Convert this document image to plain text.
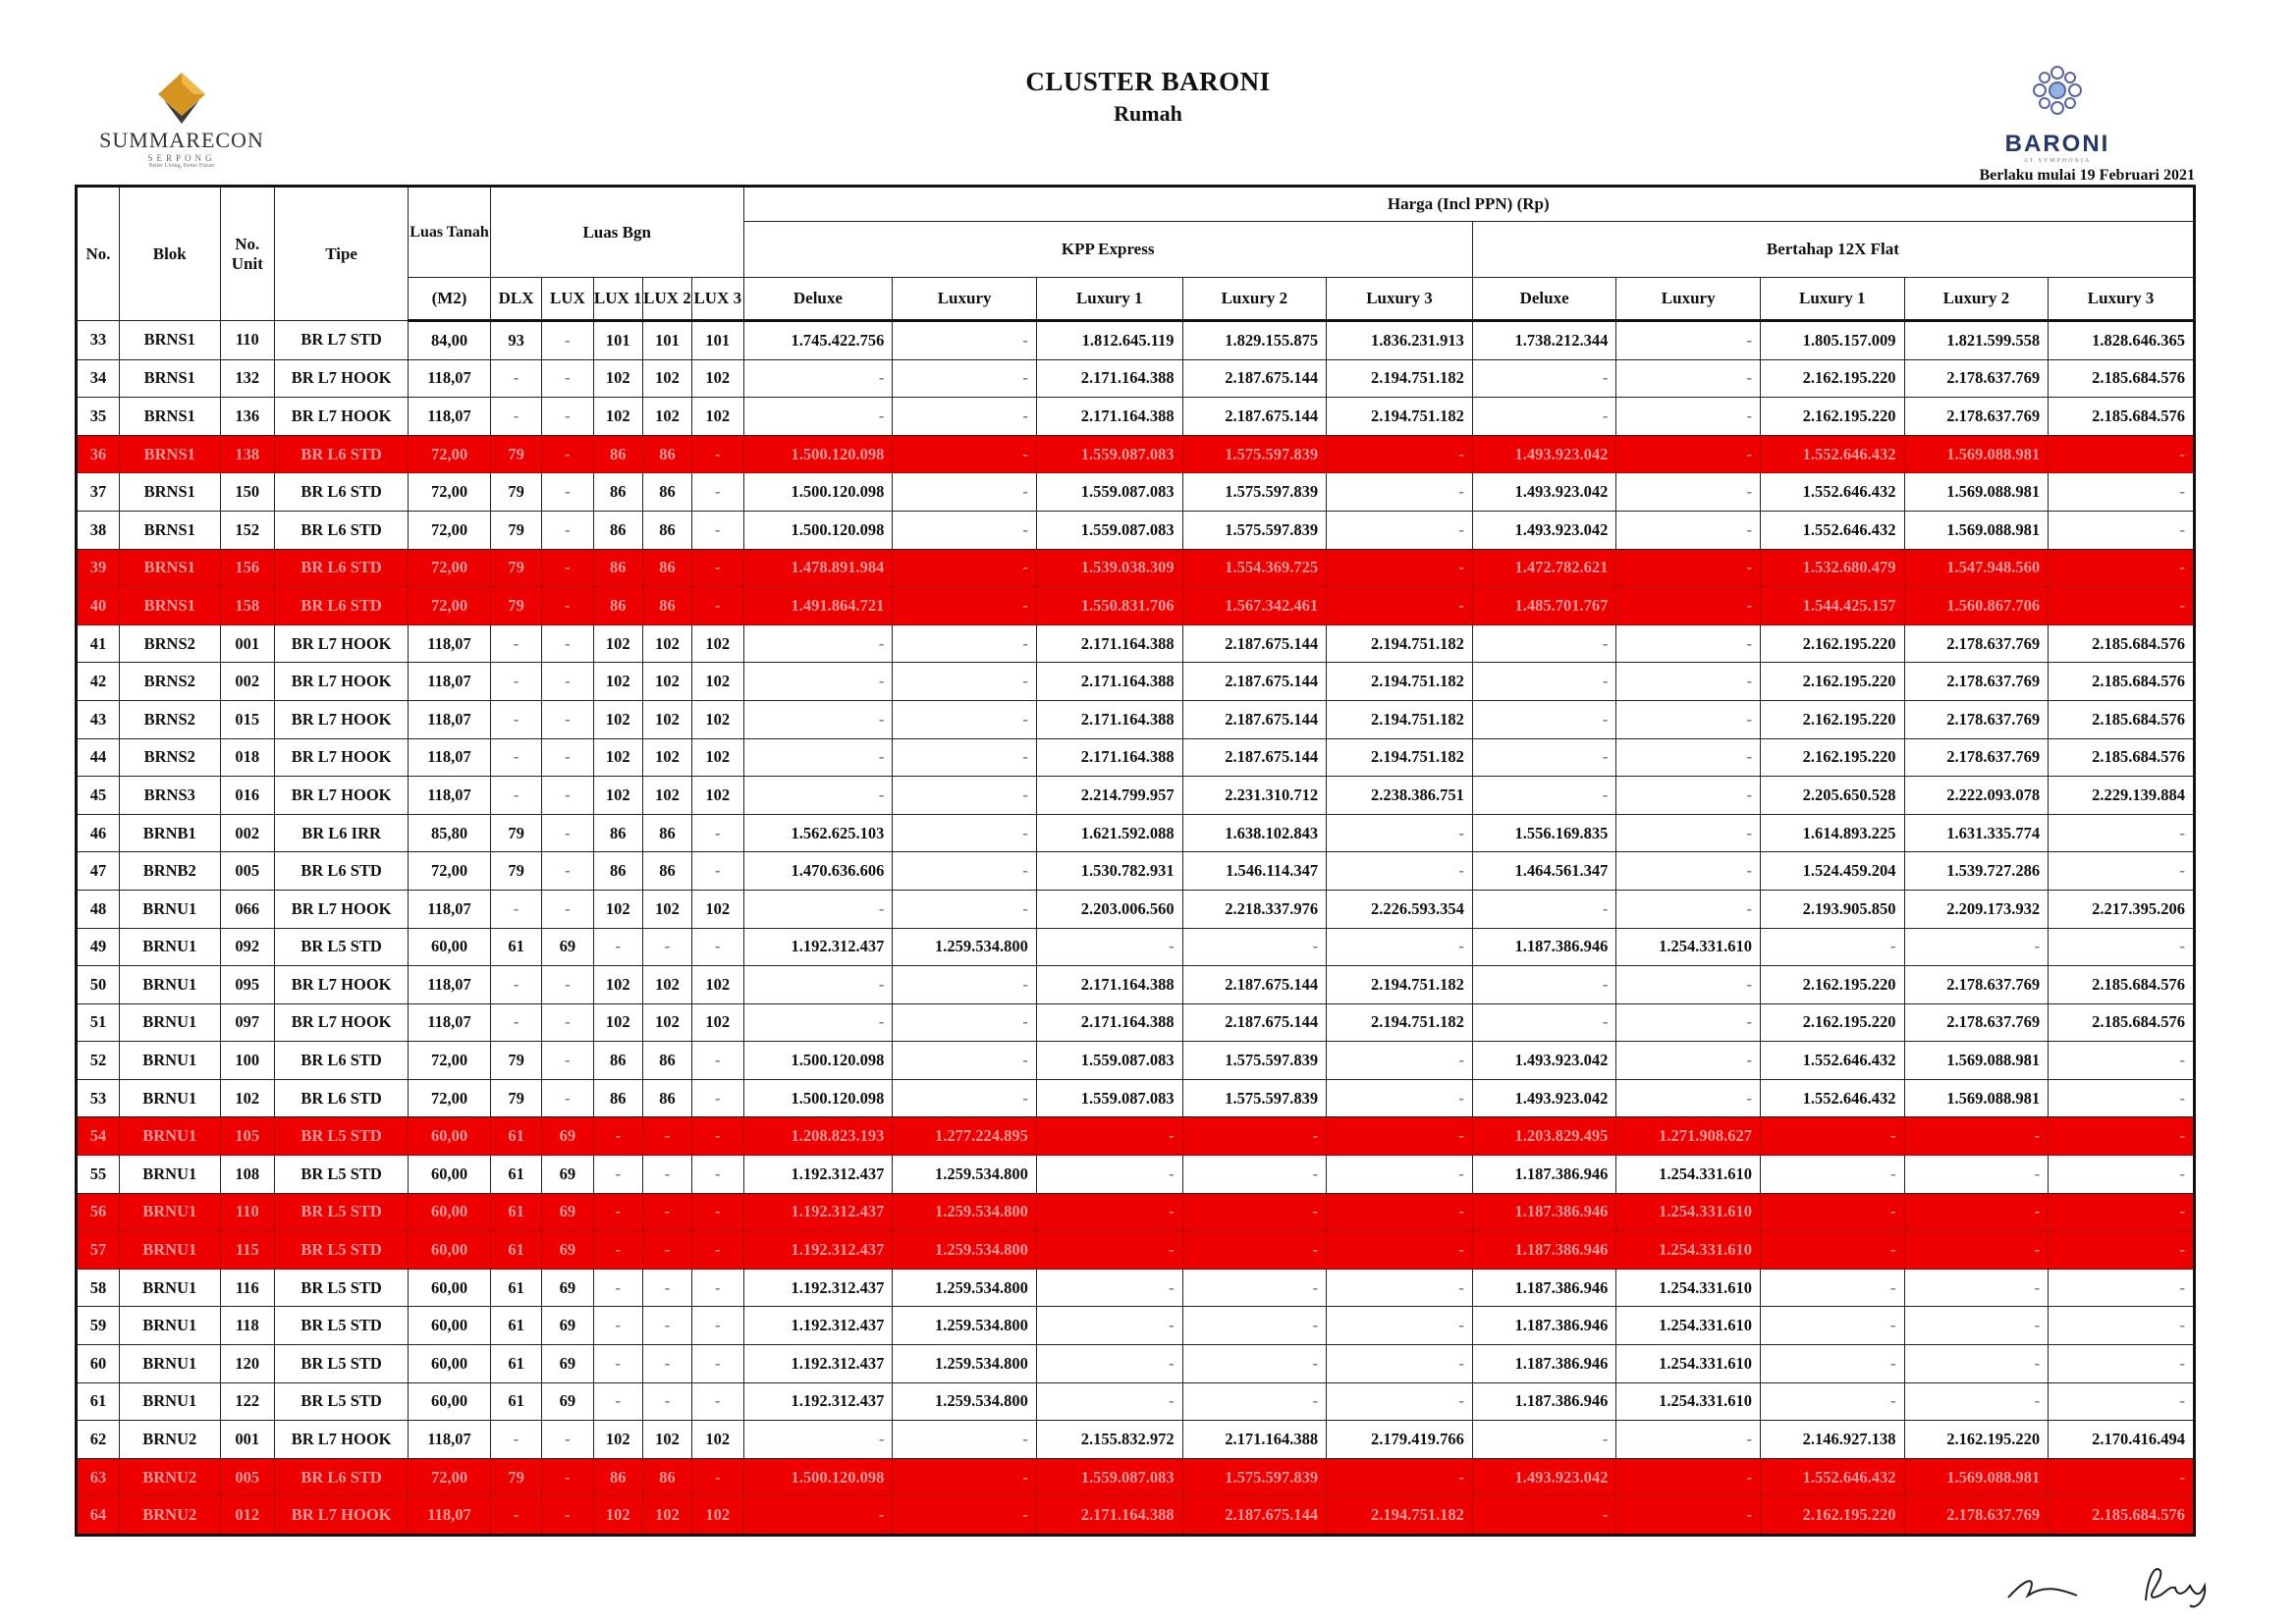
SUMMARECON
SERPONG
Better Living, Better Future
CLUSTER BARONI
Rumah
BARONI
AT SYMPHONIA
Berlaku mulai 19 Februari 2021
No.	Blok	No. Unit	Tipe	Luas Tanah	Luas Bgn					Harga (Incl PPN) (Rp)									
										KPP Express					Bertahap 12X Flat				
				(M2)	DLX	LUX	LUX 1	LUX 2	LUX 3	Deluxe	Luxury	Luxury 1	Luxury 2	Luxury 3	Deluxe	Luxury	Luxury 1	Luxury 2	Luxury 3
33	BRNS1	110	BR L7 STD	84,00	93	-	101	101	101	1.745.422.756	-	1.812.645.119	1.829.155.875	1.836.231.913	1.738.212.344	-	1.805.157.009	1.821.599.558	1.828.646.365
34	BRNS1	132	BR L7 HOOK	118,07	-	-	102	102	102	-	-	2.171.164.388	2.187.675.144	2.194.751.182	-	-	2.162.195.220	2.178.637.769	2.185.684.576
35	BRNS1	136	BR L7 HOOK	118,07	-	-	102	102	102	-	-	2.171.164.388	2.187.675.144	2.194.751.182	-	-	2.162.195.220	2.178.637.769	2.185.684.576
36	BRNS1	138	BR L6 STD	72,00	79	-	86	86	-	1.500.120.098	-	1.559.087.083	1.575.597.839	-	1.493.923.042	-	1.552.646.432	1.569.088.981	-
37	BRNS1	150	BR L6 STD	72,00	79	-	86	86	-	1.500.120.098	-	1.559.087.083	1.575.597.839	-	1.493.923.042	-	1.552.646.432	1.569.088.981	-
38	BRNS1	152	BR L6 STD	72,00	79	-	86	86	-	1.500.120.098	-	1.559.087.083	1.575.597.839	-	1.493.923.042	-	1.552.646.432	1.569.088.981	-
39	BRNS1	156	BR L6 STD	72,00	79	-	86	86	-	1.478.891.984	-	1.539.038.309	1.554.369.725	-	1.472.782.621	-	1.532.680.479	1.547.948.560	-
40	BRNS1	158	BR L6 STD	72,00	79	-	86	86	-	1.491.864.721	-	1.550.831.706	1.567.342.461	-	1.485.701.767	-	1.544.425.157	1.560.867.706	-
41	BRNS2	001	BR L7 HOOK	118,07	-	-	102	102	102	-	-	2.171.164.388	2.187.675.144	2.194.751.182	-	-	2.162.195.220	2.178.637.769	2.185.684.576
42	BRNS2	002	BR L7 HOOK	118,07	-	-	102	102	102	-	-	2.171.164.388	2.187.675.144	2.194.751.182	-	-	2.162.195.220	2.178.637.769	2.185.684.576
43	BRNS2	015	BR L7 HOOK	118,07	-	-	102	102	102	-	-	2.171.164.388	2.187.675.144	2.194.751.182	-	-	2.162.195.220	2.178.637.769	2.185.684.576
44	BRNS2	018	BR L7 HOOK	118,07	-	-	102	102	102	-	-	2.171.164.388	2.187.675.144	2.194.751.182	-	-	2.162.195.220	2.178.637.769	2.185.684.576
45	BRNS3	016	BR L7 HOOK	118,07	-	-	102	102	102	-	-	2.214.799.957	2.231.310.712	2.238.386.751	-	-	2.205.650.528	2.222.093.078	2.229.139.884
46	BRNB1	002	BR L6 IRR	85,80	79	-	86	86	-	1.562.625.103	-	1.621.592.088	1.638.102.843	-	1.556.169.835	-	1.614.893.225	1.631.335.774	-
47	BRNB2	005	BR L6 STD	72,00	79	-	86	86	-	1.470.636.606	-	1.530.782.931	1.546.114.347	-	1.464.561.347	-	1.524.459.204	1.539.727.286	-
48	BRNU1	066	BR L7 HOOK	118,07	-	-	102	102	102	-	-	2.203.006.560	2.218.337.976	2.226.593.354	-	-	2.193.905.850	2.209.173.932	2.217.395.206
49	BRNU1	092	BR L5 STD	60,00	61	69	-	-	-	1.192.312.437	1.259.534.800	-	-	-	1.187.386.946	1.254.331.610	-	-	-
50	BRNU1	095	BR L7 HOOK	118,07	-	-	102	102	102	-	-	2.171.164.388	2.187.675.144	2.194.751.182	-	-	2.162.195.220	2.178.637.769	2.185.684.576
51	BRNU1	097	BR L7 HOOK	118,07	-	-	102	102	102	-	-	2.171.164.388	2.187.675.144	2.194.751.182	-	-	2.162.195.220	2.178.637.769	2.185.684.576
52	BRNU1	100	BR L6 STD	72,00	79	-	86	86	-	1.500.120.098	-	1.559.087.083	1.575.597.839	-	1.493.923.042	-	1.552.646.432	1.569.088.981	-
53	BRNU1	102	BR L6 STD	72,00	79	-	86	86	-	1.500.120.098	-	1.559.087.083	1.575.597.839	-	1.493.923.042	-	1.552.646.432	1.569.088.981	-
54	BRNU1	105	BR L5 STD	60,00	61	69	-	-	-	1.208.823.193	1.277.224.895	-	-	-	1.203.829.495	1.271.908.627	-	-	-
55	BRNU1	108	BR L5 STD	60,00	61	69	-	-	-	1.192.312.437	1.259.534.800	-	-	-	1.187.386.946	1.254.331.610	-	-	-
56	BRNU1	110	BR L5 STD	60,00	61	69	-	-	-	1.192.312.437	1.259.534.800	-	-	-	1.187.386.946	1.254.331.610	-	-	-
57	BRNU1	115	BR L5 STD	60,00	61	69	-	-	-	1.192.312.437	1.259.534.800	-	-	-	1.187.386.946	1.254.331.610	-	-	-
58	BRNU1	116	BR L5 STD	60,00	61	69	-	-	-	1.192.312.437	1.259.534.800	-	-	-	1.187.386.946	1.254.331.610	-	-	-
59	BRNU1	118	BR L5 STD	60,00	61	69	-	-	-	1.192.312.437	1.259.534.800	-	-	-	1.187.386.946	1.254.331.610	-	-	-
60	BRNU1	120	BR L5 STD	60,00	61	69	-	-	-	1.192.312.437	1.259.534.800	-	-	-	1.187.386.946	1.254.331.610	-	-	-
61	BRNU1	122	BR L5 STD	60,00	61	69	-	-	-	1.192.312.437	1.259.534.800	-	-	-	1.187.386.946	1.254.331.610	-	-	-
62	BRNU2	001	BR L7 HOOK	118,07	-	-	102	102	102	-	-	2.155.832.972	2.171.164.388	2.179.419.766	-	-	2.146.927.138	2.162.195.220	2.170.416.494
63	BRNU2	005	BR L6 STD	72,00	79	-	86	86	-	1.500.120.098	-	1.559.087.083	1.575.597.839	-	1.493.923.042	-	1.552.646.432	1.569.088.981	-
64	BRNU2	012	BR L7 HOOK	118,07	-	-	102	102	102	-	-	2.171.164.388	2.187.675.144	2.194.751.182	-	-	2.162.195.220	2.178.637.769	2.185.684.576
